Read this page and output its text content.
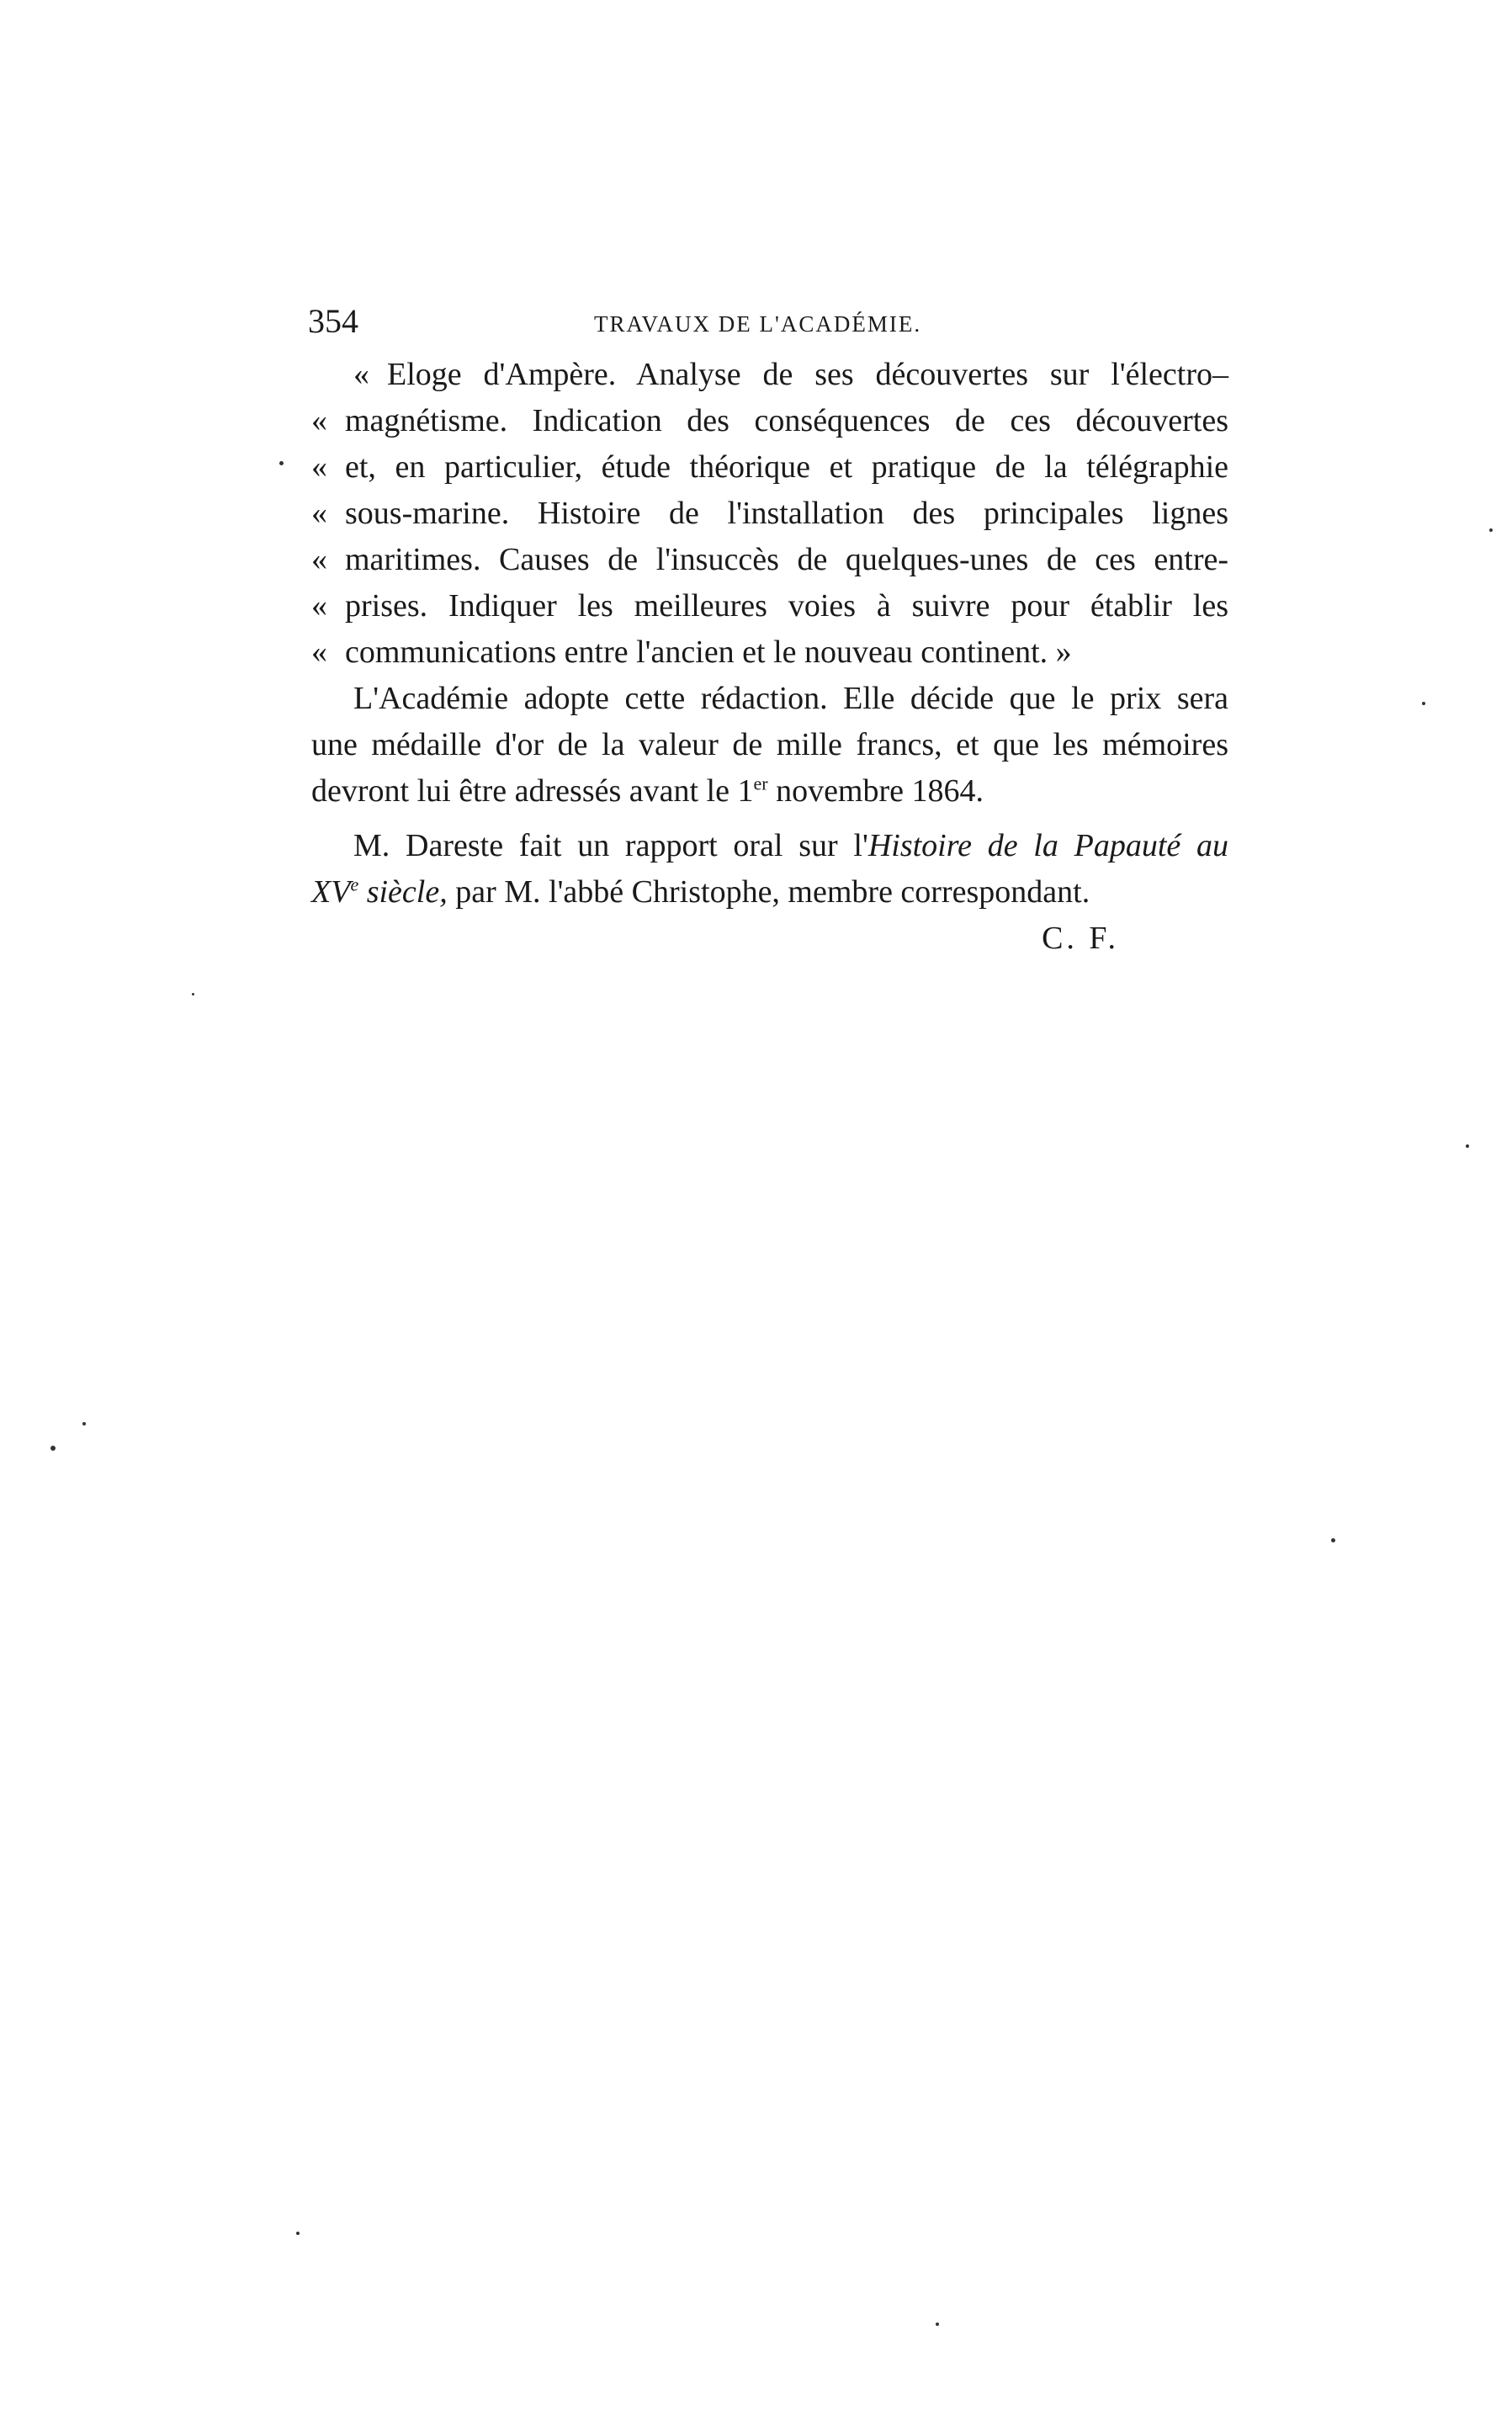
354	TRAVAUX DE L'ACADÉMIE.
« Eloge d'Ampère. Analyse de ses découvertes sur l'électro–
« magnétisme. Indication des conséquences de ces découvertes
« et, en particulier, étude théorique et pratique de la télégraphie
« sous-marine. Histoire de l'installation des principales lignes
« maritimes. Causes de l'insuccès de quelques-unes de ces entre-
« prises. Indiquer les meilleures voies à suivre pour établir les
« communications entre l'ancien et le nouveau continent. »
L'Académie adopte cette rédaction. Elle décide que le prix sera
une médaille d'or de la valeur de mille francs, et que les mémoires
devront lui être adressés avant le 1er novembre 1864.
M. Dareste fait un rapport oral sur l'Histoire de la Papauté au
XVe siècle, par M. l'abbé Christophe, membre correspondant.
C. F.
